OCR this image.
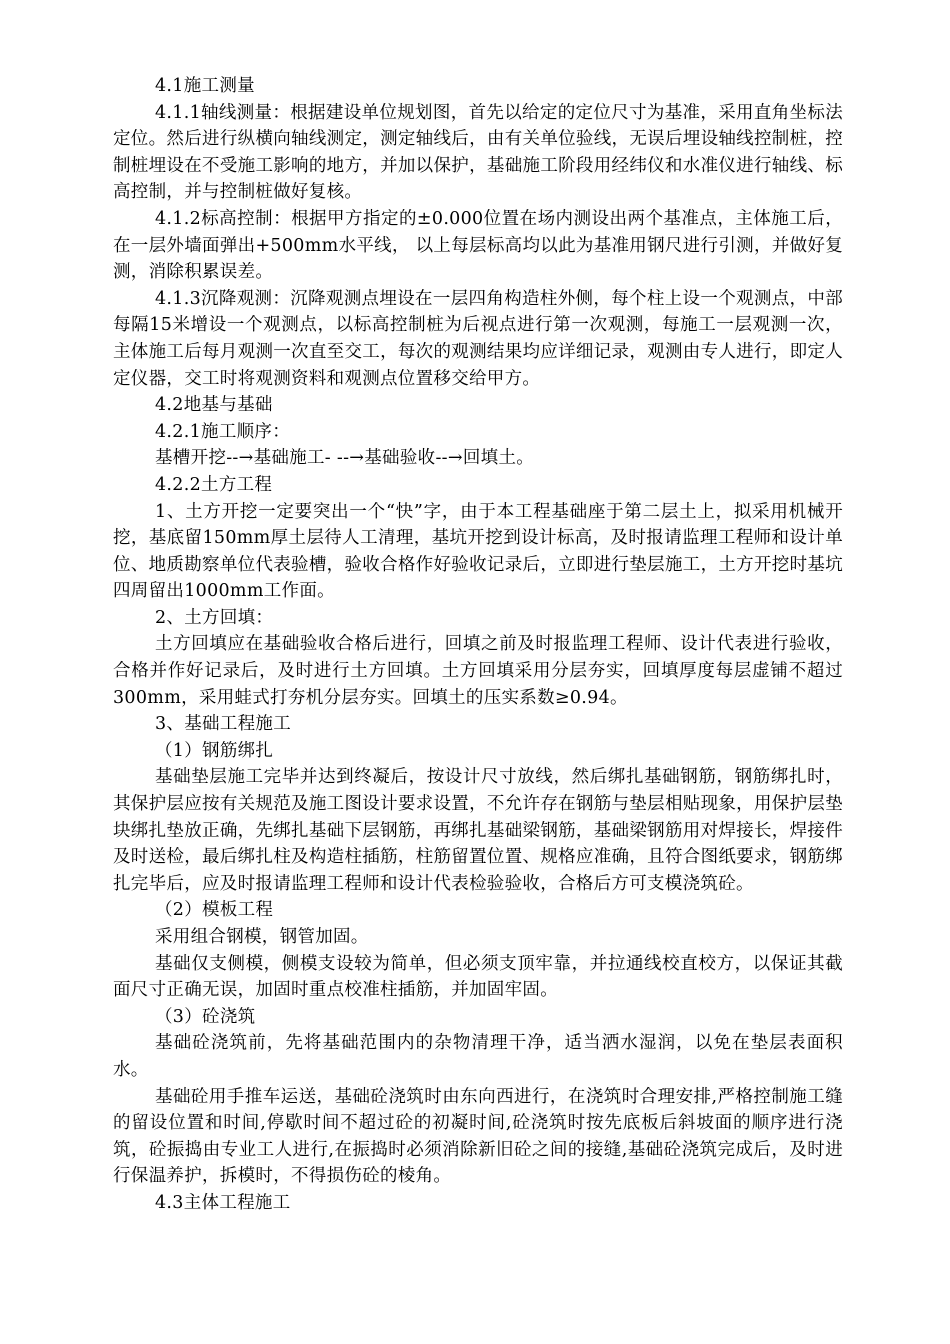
4.1施工测量

4.1.1轴线测量：根据建设单位规划图，首先以给定的定位尺寸为基准，采用直角坐标法定位。然后进行纵横向轴线测定，测定轴线后，由有关单位验线，无误后埋设轴线控制桩，控制桩埋设在不受施工影响的地方，并加以保护，基础施工阶段用经纬仪和水准仪进行轴线、标高控制，并与控制桩做好复核。

4.1.2标高控制：根据甲方指定的±0.000位置在场内测设出两个基准点，主体施工后，在一层外墙面弹出+500mm水平线， 以上每层标高均以此为基准用钢尺进行引测，并做好复测，消除积累误差。

4.1.3沉降观测：沉降观测点埋设在一层四角构造柱外侧，每个柱上设一个观测点，中部每隔15米增设一个观测点，以标高控制桩为后视点进行第一次观测，每施工一层观测一次，主体施工后每月观测一次直至交工，每次的观测结果均应详细记录，观测由专人进行，即定人定仪器，交工时将观测资料和观测点位置移交给甲方。

4.2地基与基础

4.2.1施工顺序：

基槽开挖--→基础施工- --→基础验收--→回填土。

4.2.2土方工程

1、土方开挖一定要突出一个“快”字，由于本工程基础座于第二层土上，拟采用机械开挖，基底留150mm厚土层待人工清理，基坑开挖到设计标高，及时报请监理工程师和设计单位、地质勘察单位代表验槽，验收合格作好验收记录后，立即进行垫层施工，土方开挖时基坑四周留出1000mm工作面。

2、土方回填：

土方回填应在基础验收合格后进行，回填之前及时报监理工程师、设计代表进行验收，合格并作好记录后，及时进行土方回填。土方回填采用分层夯实，回填厚度每层虚铺不超过300mm，采用蛙式打夯机分层夯实。回填土的压实系数≥0.94。

3、基础工程施工

（1）钢筋绑扎

基础垫层施工完毕并达到终凝后，按设计尺寸放线，然后绑扎基础钢筋，钢筋绑扎时，其保护层应按有关规范及施工图设计要求设置，不允许存在钢筋与垫层相贴现象，用保护层垫块绑扎垫放正确，先绑扎基础下层钢筋，再绑扎基础梁钢筋，基础梁钢筋用对焊接长，焊接件及时送检，最后绑扎柱及构造柱插筋，柱筋留置位置、规格应准确，且符合图纸要求，钢筋绑扎完毕后，应及时报请监理工程师和设计代表检验验收，合格后方可支模浇筑砼。

（2）模板工程

采用组合钢模，钢管加固。

基础仅支侧模，侧模支设较为简单，但必须支顶牢靠，并拉通线校直校方，以保证其截面尺寸正确无误，加固时重点校准柱插筋，并加固牢固。

（3）砼浇筑

基础砼浇筑前，先将基础范围内的杂物清理干净，适当洒水湿润，以免在垫层表面积水。

基础砼用手推车运送，基础砼浇筑时由东向西进行，在浇筑时合理安排,严格控制施工缝的留设位置和时间,停歇时间不超过砼的初凝时间,砼浇筑时按先底板后斜坡面的顺序进行浇筑，砼振捣由专业工人进行,在振捣时必须消除新旧砼之间的接缝,基础砼浇筑完成后，及时进行保温养护，拆模时，不得损伤砼的棱角。

4.3主体工程施工
